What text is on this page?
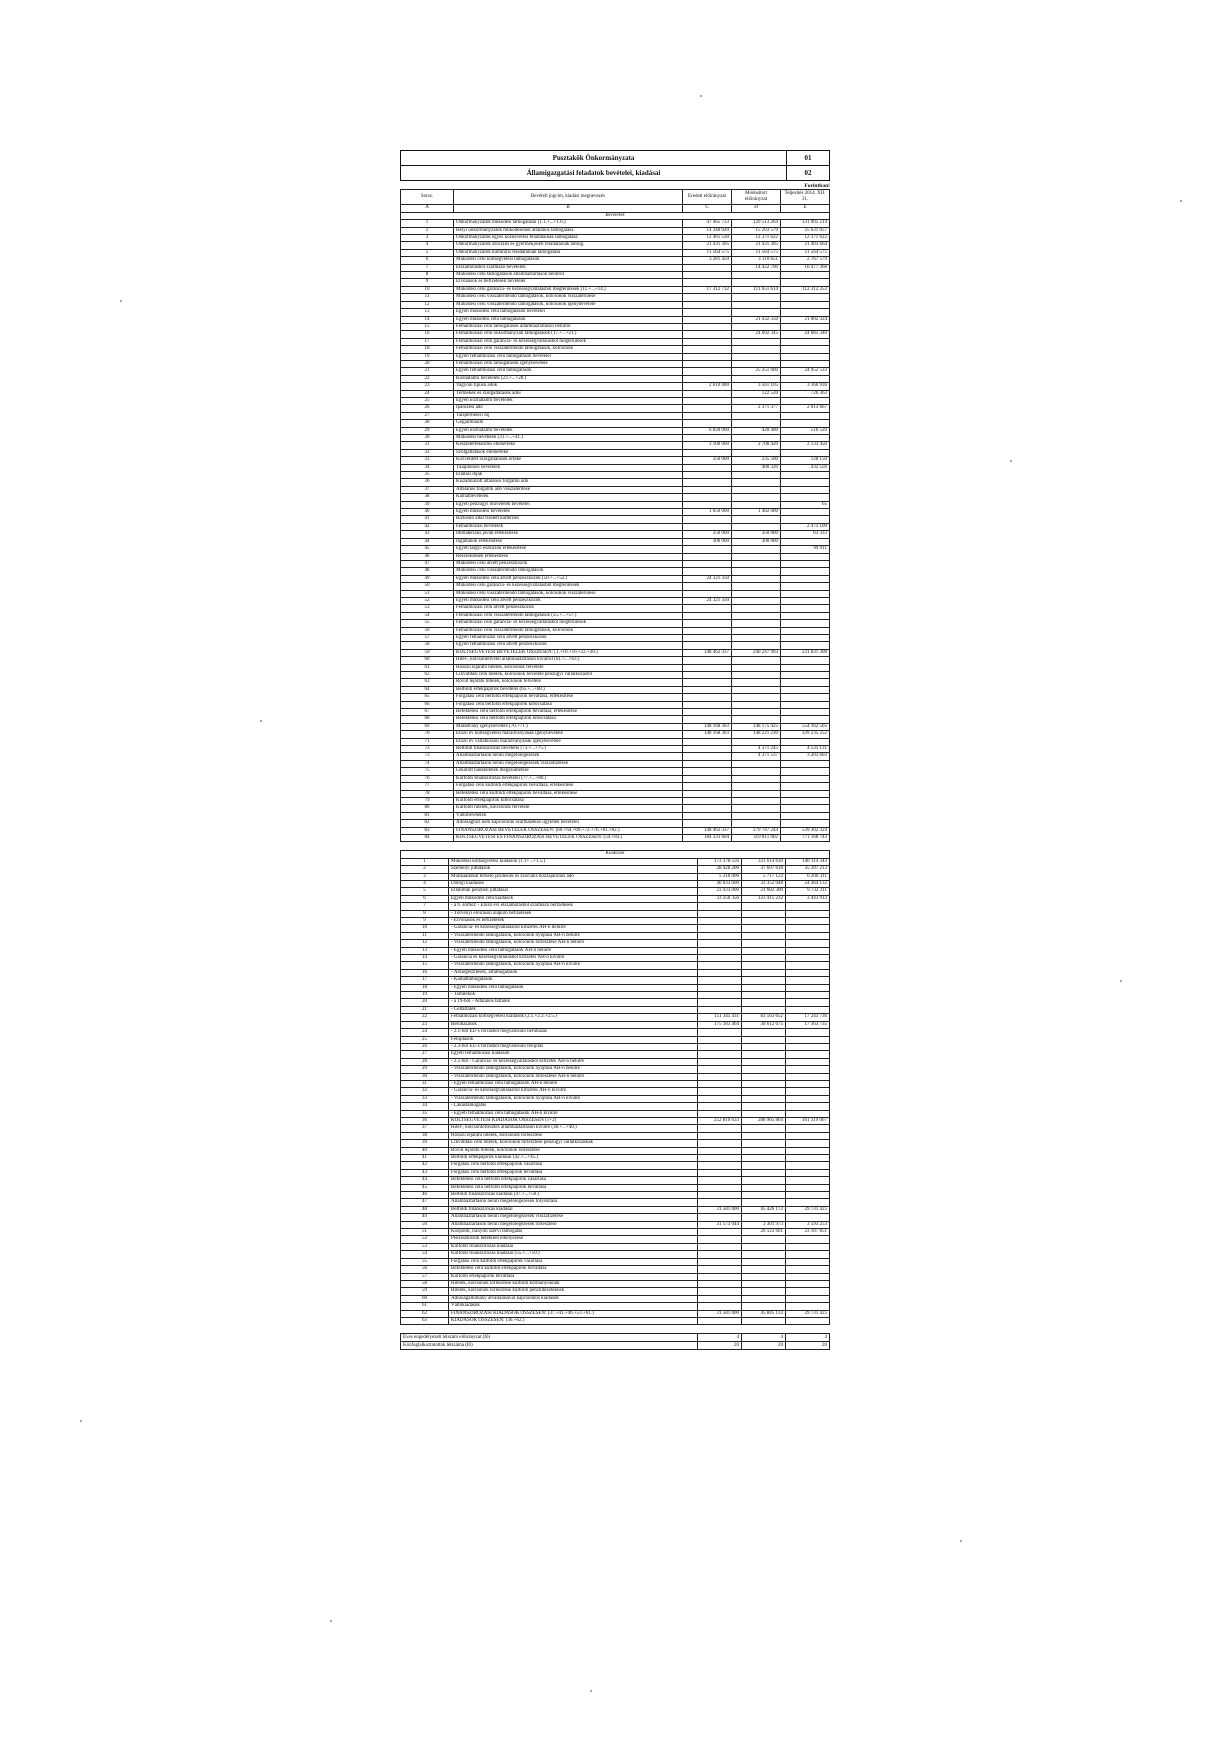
Pusztakök Önkormányzata	01
Államigazgatási feladatok bevételei, kiadásai	02
Forintban!
Sorsz.	Bevételi jogcím, kiadási megnevezés	Eredeti előirányzat	Módosított előirányzat	Teljesítés 2014. XII. 31.
A	B	C	D	E
Bevételek				
1	Önkormányzatok működési támogatásai (1.1.+...+1.6.)	47 465 733	129 513 264	131 005 214
2	Helyi önkormányzatok működésének általános támogatása	14 340 020	15 203 579	25 631 057
3	Önkormányzatok egyes köznevelési feladatainak támogatása	12 461 530	12 371 622	12 371 622
4	Önkormányzatok szociális és gyermekjóléti feladatainak támog.	21 431 305	21 431 305	21 403 664
5	Önkormányzatok kulturális feladatainak támogatása	11 564 575	11 564 575	11 564 575
6	Működési célú költségvetési támogatások	3 281 450	3 110 651	2 767 579
7	Elszámolásból származó bevételek		14 422 700	16 477 368
8	Működési célú támogatások államháztartáson belülről			
9	Elvonások és befizetések bevételei			
10	Működési célú garancia- és kezességvállalásból megtérülések (11.+...+14.)	17 312 732	111 651 614	112 312 353
11	Működési célú visszatérítendő támogatások, kölcsönök visszatérülése			
12	Működési célú visszatérítendő támogatások, kölcsönök igénybevétele			
13	Egyéb működési célú támogatások bevételei			
14	Egyéb működési célú támogatások		21 432 350	21 002 324
15	Felhalmozási célú támogatások államháztartáson belülről			
16	Felhalmozási célú önkormányzati támogatások (17.+...+21.)		24 692 345	24 685 340
17	Felhalmozási célú garancia- és kezességvállalásból megtérülések			
18	Felhalmozási célú visszatérítendő támogatások, kölcsönök			
19	Egyéb felhalmozási célú támogatások bevételei			
20	Felhalmozási célú támogatások igénybevétele			
21	Egyéb felhalmozási célú támogatások		25 251 000	24 952 533
22	Közhatalmi bevételek (23.+...+28.)			
23	Vagyoni tipusú adók	2 610 000	3 561 105	3 166 936
24	Termékek és szolgáltatások adói		122 520	726 363
25	Egyéb közhatalmi bevételek			
26	Iparűzési adó		2 371 377	2 013 667
27	Talajterhelési díj			
28	Gépjárműadó			
29	Egyéb közhatalmi bevételek	6 820 000	420 400	516 520
30	Működési bevételek (31.+...+41.)			
31	Készletértékesítés ellenértéke	3 100 000	2 700 420	2 133 450
32	Szolgáltatások ellenértéke			
33	Közvetített szolgáltatások értéke	350 000	235 500	128 150
34	Tulajdonosi bevételek		400 320	432 556
35	Ellátási díjak			
36	Kiszámlázott általános forgalmi adó			
37	Általános forgalmi adó visszatérítése			
38	Kamatbevételek			
39	Egyéb pénzügyi műveletek bevételei			65
40	Egyéb működési bevételek	1 650 000	1 402 000	
41	Biztosító által fizetett kártérítés			
42	Felhalmozási bevételek			2 473 100
43	Immateriális javak értékesítése	350 000	350 000	63 333
44	Ingatlanok értékesítése	300 000	300 000	
45	Egyéb tárgyi eszközök értékesítése			99 911
46	Részesedések értékesítése			
47	Működési célú átvett pénzeszközök			
48	Működési célú visszatérítendő támogatások			
49	Egyéb működési célú átvett pénzeszközök (50.+...+52.)	24 321 350		
50	Működési célú garancia- és kezességvállalásból megtérülések			
51	Működési célú visszatérítendő támogatások, kölcsönök visszatérülése			
52	Egyéb működési célú átvett pénzeszközök	24 321 350		
53	Felhalmozási célú átvett pénzeszközök			
54	Felhalmozási célú visszatérítendő támogatások (55.+...+57.)			
55	Felhalmozási célú garancia- és kezességvállalásból megtérülések			
56	Felhalmozási célú visszatérítendő támogatások, kölcsönök			
57	Egyéb felhalmozási célú átvett pénzeszközök			
58	Egyéb felhalmozási célú átvett pénzeszközök			
59	KÖLTSÉGVETÉSI BEVÉTELEK ÖSSZESEN: (1.+10.+16.+22.+30.)	148 462 337	240 247 903	231 831 308
60	Hitel-, kölcsönfelvétel államháztartáson kívülről (61.+...+63.)			
61	Hosszú lejáratú hitelek, kölcsönök felvétele			
62	Likviditási célú hitelek, kölcsönök felvétele pénzügyi vállalkozástól			
63	Rövid lejáratú hitelek, kölcsönök felvétele			
64	Belföldi értékpapírok bevételei (65.+...+68.)			
65	Forgatási célú belföldi értékpapírok beváltása, értékesítése			
66	Forgatási célú belföldi értékpapírok kibocsátása			
67	Befektetési célú belföldi értékpapírok beváltása, értékesítése			
68	Befektetési célú belföldi értékpapírok kibocsátása			
69	Maradvány igénybevétele (70.+71.)	148 168 303	148 175 425	554 162 565
70	Előző év költségvetési maradványának igénybevétele	148 168 303	148 221 230	339 235 252
71	Előző év vállalkozási maradványának igénybevétele			
72	Belföldi finanszírozás bevételei (73.+...+75.)		4 371 245	4 531 131
73	Államháztartáson belüli megelőlegezések		4 371 537	3 203 603
74	Államháztartáson belüli megelőlegezések visszafizetése			
75	Lekötött bankbetétek megszüntetése			
76	Külföldi finanszírozás bevételei (77.+...+80.)			
77	Forgatási célú külföldi értékpapírok beváltása, értékesítése			
78	Befektetési célú külföldi értékpapírok beváltása, értékesítése			
79	Külföldi értékpapírok kibocsátása			
80	Külföldi hitelek, kölcsönök felvétele			
81	Váltóbevételek			
82	Adóssághoz nem kapcsolódó származékos ügyletek bevételei			
83	FINANSZÍROZÁSI BEVÉTELEK ÖSSZESEN: (60.+64.+69.+72.+76.+81.+82.)	148 462 337	279 747 244	539 302 324
84	KÖLTSÉGVETÉSI ÉS FINANSZÍROZÁSI BEVÉTELEK ÖSSZESEN: (59.+83.)	184 333 604	319 811 002	771 168 743
Kiadások				
1	Működési költségvetési kiadások (1.1+...+1.5.)	173 378 556	331 614 630	140 114 343
2	Személyi juttatások	28 428 200	37 697 618	35 397 213
3	Munkaadókat terhelő járulékok és szociális hozzájárulási adó	5 310 000	5 717 122	6 200 311
4	Dologi kiadások	40 033 000	33 352 048	24 364 132
5	Ellátottak pénzbeli juttatásai	23 433 000	21 602 300	9 732 311
6	Egyéb működési célú kiadások	33 250 356	123 415 232	3 443 913
7	- a 6. sorból: - Előző évi elszámolásból származó befizetések			
8	- Törvényi előíráson alapuló befizetések			
9	- Elvonások és befizetések			
10	- Garancia- és kezességvállalásból kifizetés ÁH-n belülre			
11	- Visszatérítendő támogatások, kölcsönök nyújtása ÁH-n belülre			
12	- Visszatérítendő támogatások, kölcsönök törlesztése ÁH-n belülre			
13	- Egyéb működési célú támogatások ÁH-n belülre			
14	- Garancia és kezességvállalásból kifizetés ÁH-n kívülre			
15	- Visszatérítendő támogatások, kölcsönök nyújtása ÁH-n kívülre			
16	- Árkiegészítések, ártámogatások			
17	- Kamattámogatások			
18	- Egyéb működési célú támogatások			
19	- Tartalékok			
20	- a 19-ből - Általános tartalék			
21	- Céltartalék			
22	Felhalmozási költségvetési kiadások (2.1.+2.3.+2.5.)	151 345 431	83 563 652	17 243 736
23	Beruházások	175 183 464	30 612 675	17 163 735
24	- 2.1-ből EU-s forrásból megvalósuló beruházás			
25	Felújítások			
26	- 2.3-ból EU-s forrásból megvalósuló felújítás			
27	Egyéb felhalmozási kiadások			
28	- 2.5-ből - Garancia- és kezességvállalásból kifizetés ÁH-n belülre			
29	- Visszatérítendő támogatások, kölcsönök nyújtása ÁH-n belülre			
30	- Visszatérítendő támogatások, kölcsönök törlesztése ÁH-n belülre			
31	- Egyéb felhalmozási célú támogatások ÁH-n belülre			
32	- Garancia- és kezességvállalásból kifizetés ÁH-n kívülre			
33	- Visszatérítendő támogatások, kölcsönök nyújtása ÁH-n kívülre			
34	- Lakástámogatás			
35	- Egyéb felhalmozási célú támogatások ÁH-n kívülre			
36	KÖLTSÉGVETÉSI KIADÁSOK ÖSSZESEN (1+2)	252 810 633	288 965 864	161 319 067
37	Hitel-, kölcsöntörlesztés államháztartáson kívülre (38.+...+40.)			
38	Hosszú lejáratú hitelek, kölcsönök törlesztése			
39	Likviditási célú hitelek, kölcsönök törlesztése pénzügyi vállalkozásnak			
40	Rövid lejáratú hitelek, kölcsönök törlesztése			
41	Belföldi értékpapírok kiadásai (42.+...+45.)			
42	Forgatási célú belföldi értékpapírok vásárlása			
43	Forgatási célú belföldi értékpapírok beváltása			
44	Befektetési célú belföldi értékpapírok vásárlása			
45	Befektetési célú belföldi értékpapírok beváltása			
46	Belföldi finanszírozás kiadásai (47.+...+50.)			
47	Államháztartáson belüli megelőlegezések folyósítása			
48	Belföldi finanszírozás kiadásai	31 581 000	45 426 172	29 731 425
49	Államháztartáson belüli megelőlegezések visszafizetése			
50	Államháztartáson belüli megelőlegezések törlesztése	31 573 044	3 301 973	3 593 253
51	Központi, irányító szervi támogatás		20 123 661	23 107 851
52	Pénzeszközök betétként elhelyezése			
53	Külföldi finanszírozás kiadásai			
54	Külföldi finanszírozás kiadásai (55.+...+59.)			
55	Forgatási célú külföldi értékpapírok vásárlása			
56	Befektetési célú külföldi értékpapírok beváltása			
57	Külföldi értékpapírok beváltása			
58	Hitelek, kölcsönök törlesztése külföldi kormányoknak			
59	Hitelek, kölcsönök törlesztése külföldi pénzintézeteknek			
60	Adósságállomány átvállalásával kapcsolatos kiadások			
61	Váltókiadások			
62	FINANSZÍROZÁSI KIADÁSOK ÖSSZESEN: (37.+41.+46.+53.+61.)	31 581 000	45 845 133	29 731 425
63	KIADÁSOK ÖSSZESEN: (36.+62.)			
Éves engedélyezett létszám előirányzat (fő)	4	4	4
Közfoglalkoztatottak létszáma (fő)	20	20	20
